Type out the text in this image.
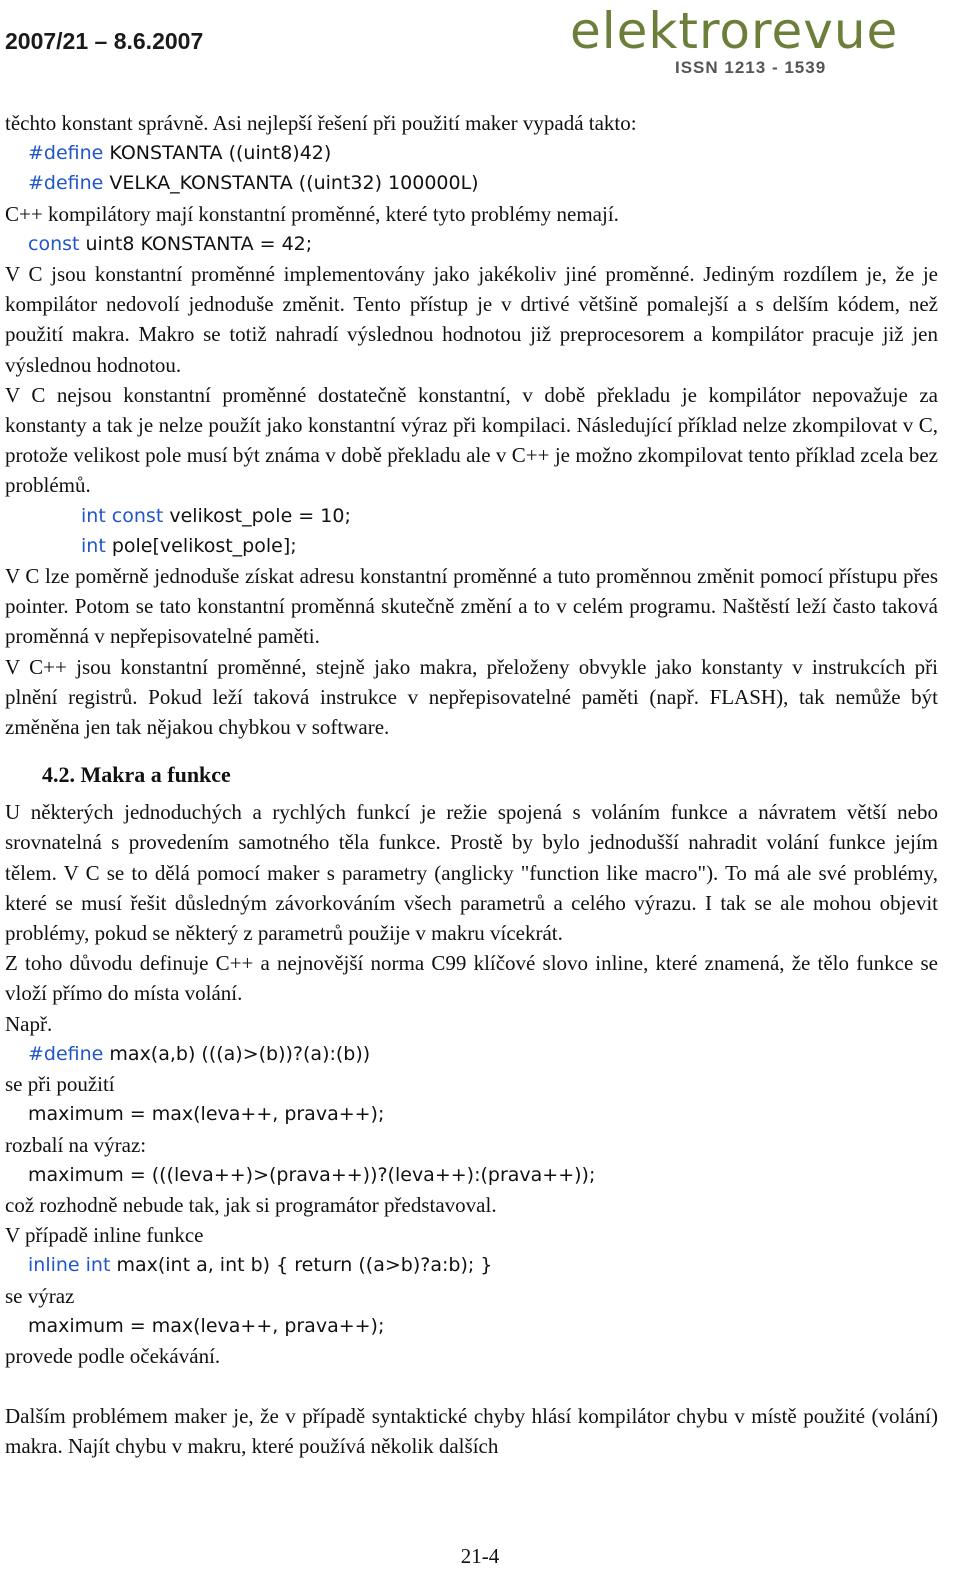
2007/21 – 8.6.2007	elektrorevue
ISSN 1213 - 1539

těchto konstant správně. Asi nejlepší řešení při použití maker vypadá takto:

#define KONSTANTA ((uint8)42)

#define VELKA_KONSTANTA ((uint32) 100000L)

C++ kompilátory mají konstantní proměnné, které tyto problémy nemají.

const uint8 KONSTANTA = 42;

V C jsou konstantní proměnné implementovány jako jakékoliv jiné proměnné. Jediným rozdílem je, že je kompilátor nedovolí jednoduše změnit. Tento přístup je v drtivé většině pomalejší a s delším kódem, než použití makra. Makro se totiž nahradí výslednou hodnotou již preprocesorem a kompilátor pracuje již jen výslednou hodnotou.

V C nejsou konstantní proměnné dostatečně konstantní, v době překladu je kompilátor nepovažuje za konstanty a tak je nelze použít jako konstantní výraz při kompilaci. Následující příklad nelze zkompilovat v C, protože velikost pole musí být známa v době překladu ale v C++ je možno zkompilovat tento příklad zcela bez problémů.

int const velikost_pole = 10;

int pole[velikost_pole];

V C lze poměrně jednoduše získat adresu konstantní proměnné a tuto proměnnou změnit pomocí přístupu přes pointer. Potom se tato konstantní proměnná skutečně změní a to v celém programu. Naštěstí leží často taková proměnná v nepřepisovatelné paměti.

V C++ jsou konstantní proměnné, stejně jako makra, přeloženy obvykle jako konstanty v instrukcích při plnění registrů. Pokud leží taková instrukce v nepřepisovatelné paměti (např. FLASH), tak nemůže být změněna jen tak nějakou chybkou v software.

4.2. Makra a funkce

U některých jednoduchých a rychlých funkcí je režie spojená s voláním funkce a návratem větší nebo srovnatelná s provedením samotného těla funkce. Prostě by bylo jednodušší nahradit volání funkce jejím tělem. V C se to dělá pomocí maker s parametry (anglicky "function like macro"). To má ale své problémy, které se musí řešit důsledným závorkováním všech parametrů a celého výrazu. I tak se ale mohou objevit problémy, pokud se některý z parametrů použije v makru vícekrát.

Z toho důvodu definuje C++ a nejnovější norma C99 klíčové slovo inline, které znamená, že tělo funkce se vloží přímo do místa volání.

Např.

#define max(a,b) (((a)>(b))?(a):(b))

se při použití

maximum = max(leva++, prava++);

rozbalí na výraz:

maximum = (((leva++)>(prava++))?(leva++):(prava++));

což rozhodně nebude tak, jak si programátor představoval.

V případě inline funkce

inline int max(int a, int b) { return ((a>b)?a:b); }

se výraz

maximum = max(leva++, prava++);

provede podle očekávání.

Dalším problémem maker je, že v případě syntaktické chyby hlásí kompilátor chybu v místě použité (volání) makra. Najít chybu v makru, které používá několik dalších

21-4
